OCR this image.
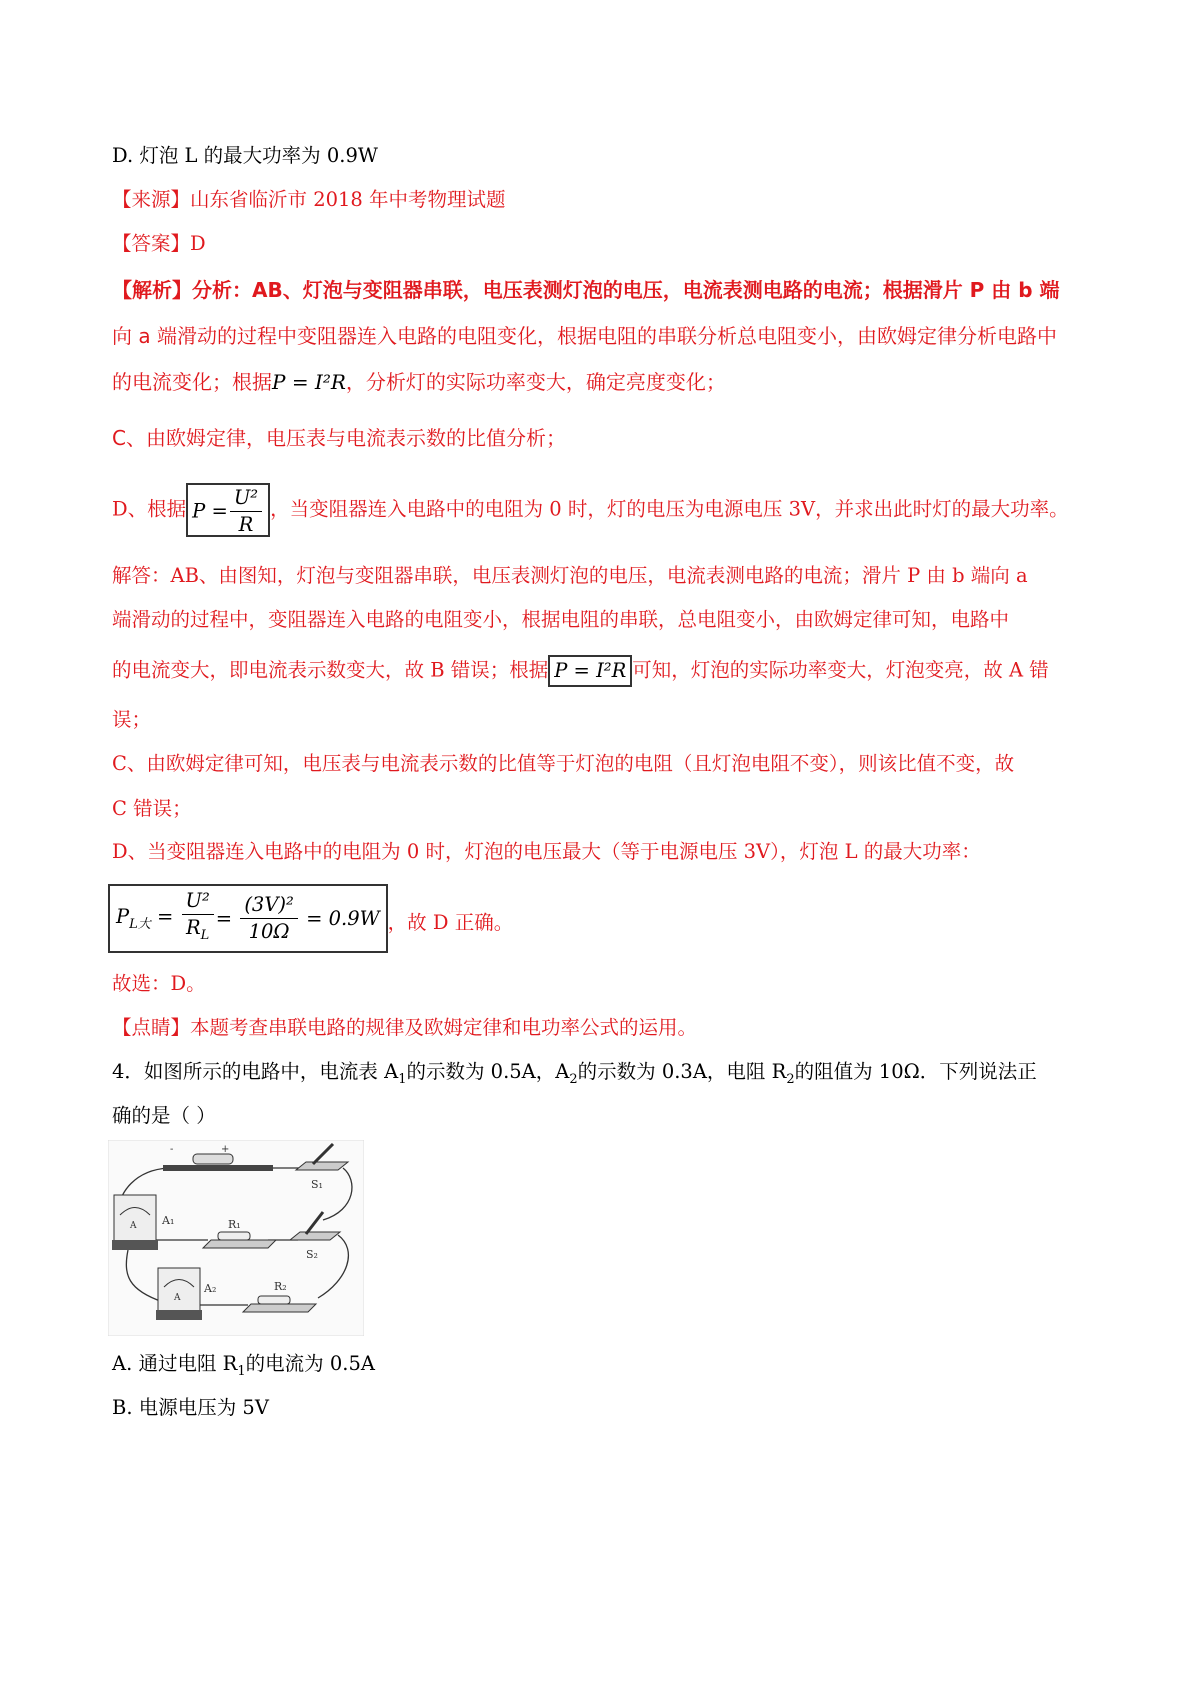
D. 灯泡 L 的最大功率为 0.9W
【来源】山东省临沂市 2018 年中考物理试题
【答案】D
【解析】分析：AB、灯泡与变阻器串联，电压表测灯泡的电压，电流表测电路的电流；根据滑片 P 由 b 端
向 a 端滑动的过程中变阻器连入电路的电阻变化，根据电阻的串联分析总电阻变小，由欧姆定律分析电路中
的电流变化；根据P = I²R，分析灯的实际功率变大，确定亮度变化；
C、由欧姆定律，电压表与电流表示数的比值分析；
D、根据 $P = \frac{\text{U²}}{R}$ ，当变阻器连入电路中的电阻为 0 时，灯的电压为电源电压 3V，并求出此时灯的最大功率。
解答：AB、由图知，灯泡与变阻器串联，电压表测灯泡的电压，电流表测电路的电流；滑片 P 由 b 端向 a
端滑动的过程中，变阻器连入电路的电阻变小，根据电阻的串联，总电阻变小，由欧姆定律可知，电路中
的电流变大，即电流表示数变大，故 B 错误；根据 P = I²R 可知，灯泡的实际功率变大，灯泡变亮，故 A 错
误；
C、由欧姆定律可知，电压表与电流表示数的比值等于灯泡的电阻（且灯泡电阻不变），则该比值不变，故
C 错误；
D、当变阻器连入电路中的电阻为 0 时，灯泡的电压最大（等于电源电压 3V），灯泡 L 的最大功率：
$P_{L大} = \frac{\text{U²}}{R_L} = \frac{\text{(3V)²}}{10\Omega} = 0.9W$ ，故 D 正确。
故选：D。
【点睛】本题考查串联电路的规律及欧姆定律和电功率公式的运用。
4．如图所示的电路中，电流表 $A_1$的示数为 0.5A，$A_2$的示数为 0.3A，电阻 $R_2$的阻值为 10Ω．下列说法正
确的是（ ）
-	+
S₁
A A₁	R₁
S₂
A
A₂	R₂
A. 通过电阻 $R_1$的电流为 0.5A
B. 电源电压为 5V
